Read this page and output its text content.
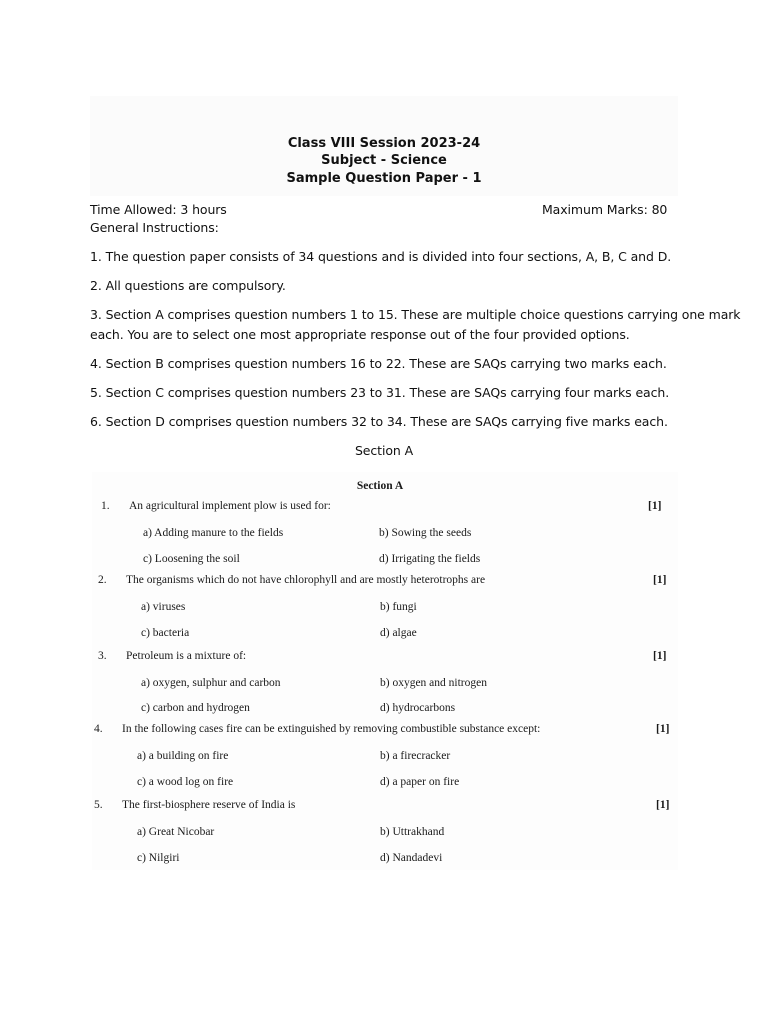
Class VIII Session 2023-24
Subject - Science
Sample Question Paper - 1
Time Allowed: 3 hours	Maximum Marks: 80
General Instructions:
1. The question paper consists of 34 questions and is divided into four sections, A, B, C and D.
2. All questions are compulsory.
3. Section A comprises question numbers 1 to 15. These are multiple choice questions carrying one mark
each. You are to select one most appropriate response out of the four provided options.
4. Section B comprises question numbers 16 to 22. These are SAQs carrying two marks each.
5. Section C comprises question numbers 23 to 31. These are SAQs carrying four marks each.
6. Section D comprises question numbers 32 to 34. These are SAQs carrying five marks each.
Section A
Section A
1. An agricultural implement plow is used for:	[1]
a) Adding manure to the fields	b) Sowing the seeds
c) Loosening the soil	d) Irrigating the fields
2. The organisms which do not have chlorophyll and are mostly heterotrophs are	[1]
a) viruses	b) fungi
c) bacteria	d) algae
3. Petroleum is a mixture of:	[1]
a) oxygen, sulphur and carbon	b) oxygen and nitrogen
c) carbon and hydrogen	d) hydrocarbons
4. In the following cases fire can be extinguished by removing combustible substance except:	[1]
a) a building on fire	b) a firecracker
c) a wood log on fire	d) a paper on fire
5. The first-biosphere reserve of India is	[1]
a) Great Nicobar	b) Uttrakhand
c) Nilgiri	d) Nandadevi
